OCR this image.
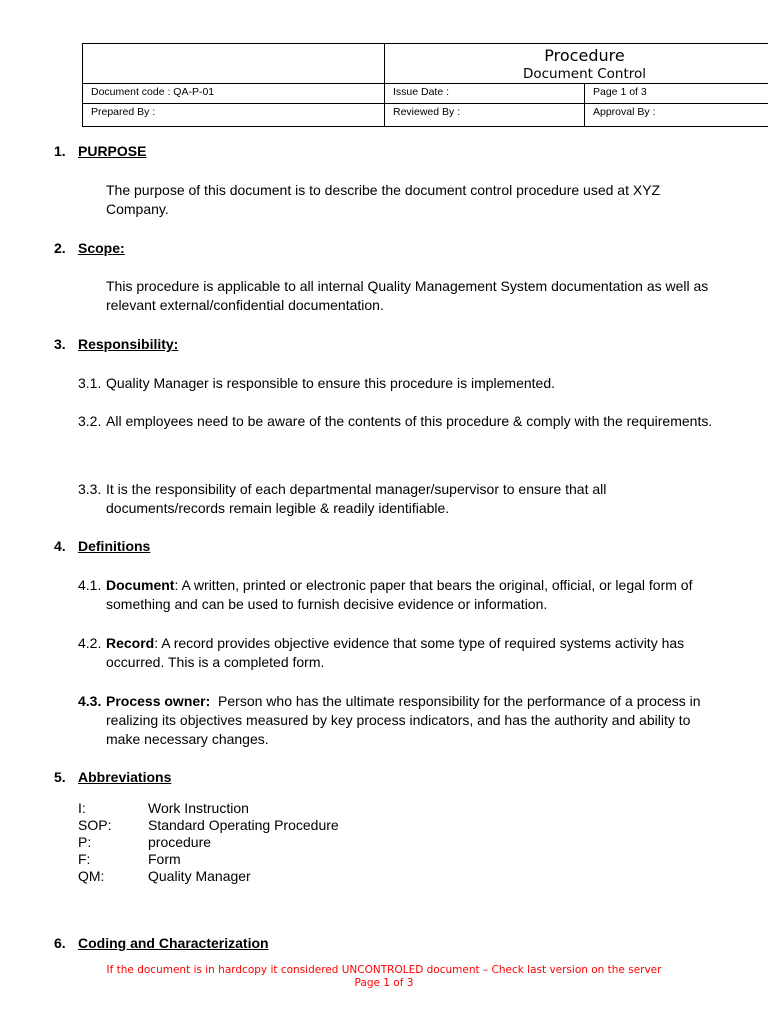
	Procedure
Document Control	

Document code : QA-P-01	Issue Date :	Page 1 of 3

Prepared By :	Reviewed By :	Approval By :
1. PURPOSE
The purpose of this document is to describe the document control procedure used at XYZ Company.
2. Scope:
This procedure is applicable to all internal Quality Management System documentation as well as relevant external/confidential documentation.
3. Responsibility:
3.1. Quality Manager is responsible to ensure this procedure is implemented.
3.2. All employees need to be aware of the contents of this procedure & comply with the requirements.
3.3. It is the responsibility of each departmental manager/supervisor to ensure that all documents/records remain legible & readily identifiable.
4. Definitions
4.1. Document: A written, printed or electronic paper that bears the original, official, or legal form of something and can be used to furnish decisive evidence or information.
4.2. Record: A record provides objective evidence that some type of required systems activity has occurred. This is a completed form.
4.3. Process owner:  Person who has the ultimate responsibility for the performance of a process in realizing its objectives measured by key process indicators, and has the authority and ability to make necessary changes.
5. Abbreviations
I:	Work Instruction
SOP:	Standard Operating Procedure
P:	procedure
F:	Form
QM:	Quality Manager
6. Coding and Characterization
If the document is in hardcopy it considered UNCONTROLED document – Check last version on the server
Page 1 of 3
